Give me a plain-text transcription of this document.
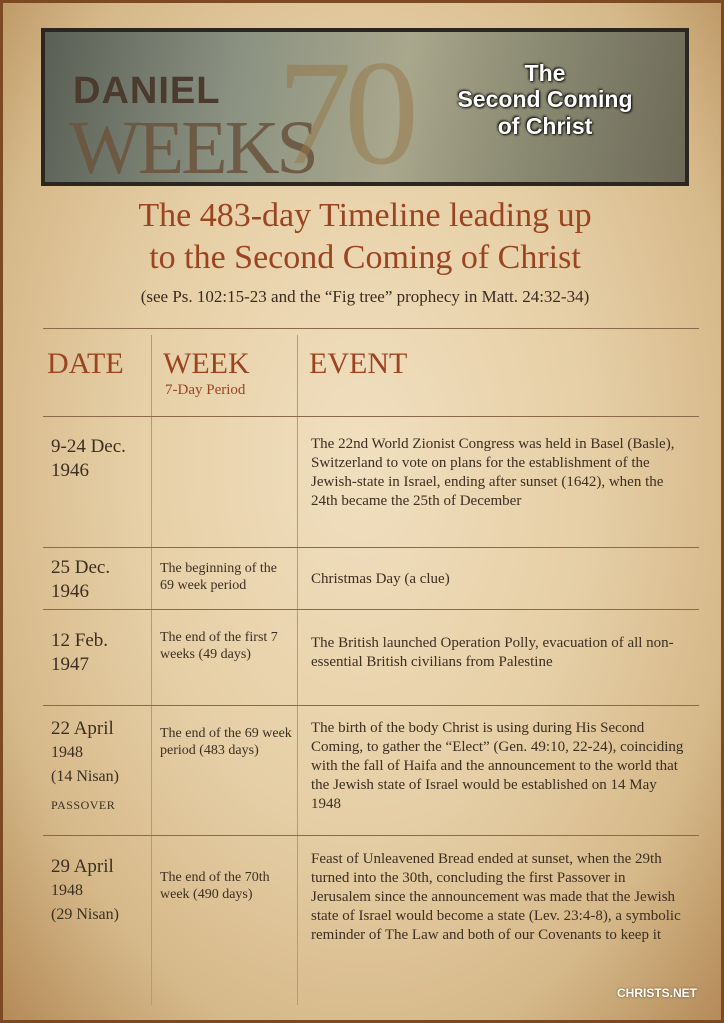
DANIEL
WEEKS
70	The
Second Coming
of Christ
The 483-day Timeline leading up
to the Second Coming of Christ
(see Ps. 102:15-23 and the “Fig tree” prophecy in Matt. 24:32-34)
DATE WEEK
7-Day Period
EVENT
9-24 Dec.
1946
The 22nd World Zionist Congress was held in Basel (Basle), Switzerland to vote on plans for the establishment of the Jewish-state in Israel, ending after sunset (1642), when the 24th became the 25th of December
25 Dec.
1946
The beginning of the 69 week period	Christmas Day (a clue)
12 Feb.
1947
The end of the first 7 weeks (49 days)
The British launched Operation Polly, evacuation of all non-essential British civilians from Palestine
22 April
1948
(14 Nisan)
PASSOVER
The end of the 69 week period (483 days)
The birth of the body Christ is using during His Second Coming, to gather the “Elect” (Gen. 49:10, 22-24), coinciding with the fall of Haifa and the announcement to the world that the Jewish state of Israel would be established on 14 May 1948
29 April
1948
(29 Nisan)
The end of the 70th week (490 days)
Feast of Unleavened Bread ended at sunset, when the 29th turned into the 30th, concluding the first Passover in Jerusalem since the announcement was made that the Jewish state of Israel would become a state (Lev. 23:4-8), a symbolic reminder of The Law and both of our Covenants to keep it
CHRISTS.NET
